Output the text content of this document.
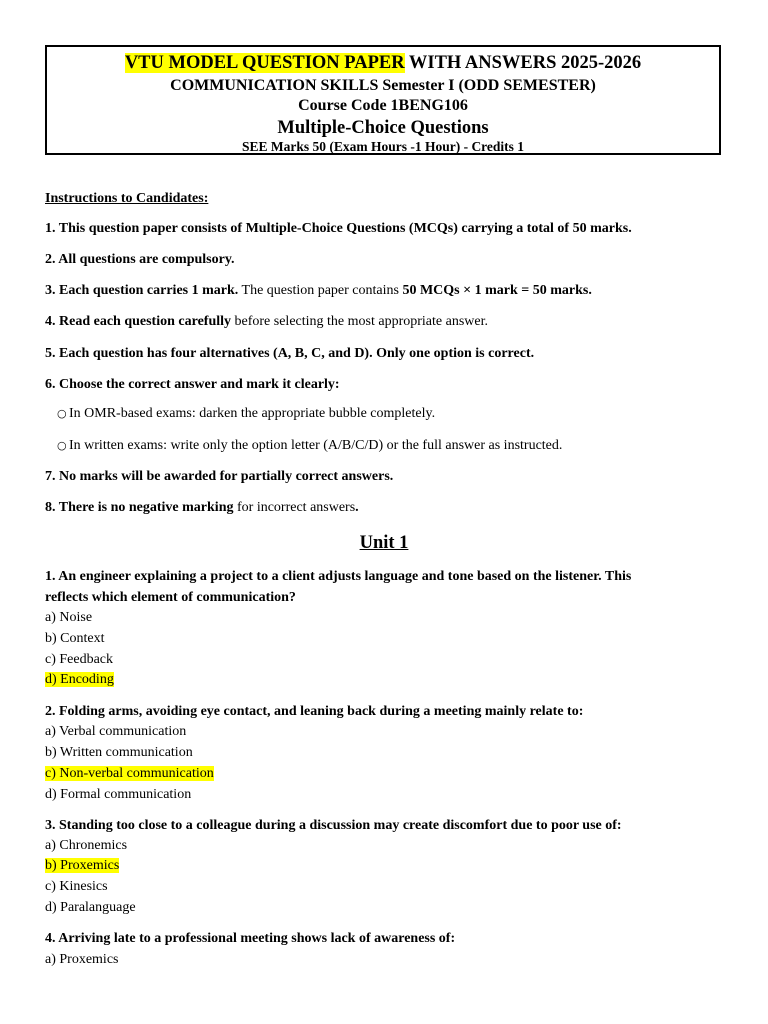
VTU MODEL QUESTION PAPER WITH ANSWERS 2025-2026
COMMUNICATION SKILLS Semester I (ODD SEMESTER)
Course Code 1BENG106
Multiple-Choice Questions
SEE Marks 50 (Exam Hours -1 Hour) - Credits 1
Instructions to Candidates:
1. This question paper consists of Multiple-Choice Questions (MCQs) carrying a total of 50 marks.
2. All questions are compulsory.
3. Each question carries 1 mark. The question paper contains 50 MCQs × 1 mark = 50 marks.
4. Read each question carefully before selecting the most appropriate answer.
5. Each question has four alternatives (A, B, C, and D). Only one option is correct.
6. Choose the correct answer and mark it clearly:
○ In OMR-based exams: darken the appropriate bubble completely.
○ In written exams: write only the option letter (A/B/C/D) or the full answer as instructed.
7. No marks will be awarded for partially correct answers.
8. There is no negative marking for incorrect answers.
Unit 1
1. An engineer explaining a project to a client adjusts language and tone based on the listener. This
reflects which element of communication?
a) Noise
b) Context
c) Feedback
d) Encoding
2. Folding arms, avoiding eye contact, and leaning back during a meeting mainly relate to:
a) Verbal communication
b) Written communication
c) Non-verbal communication
d) Formal communication
3. Standing too close to a colleague during a discussion may create discomfort due to poor use of:
a) Chronemics
b) Proxemics
c) Kinesics
d) Paralanguage
4. Arriving late to a professional meeting shows lack of awareness of:
a) Proxemics
